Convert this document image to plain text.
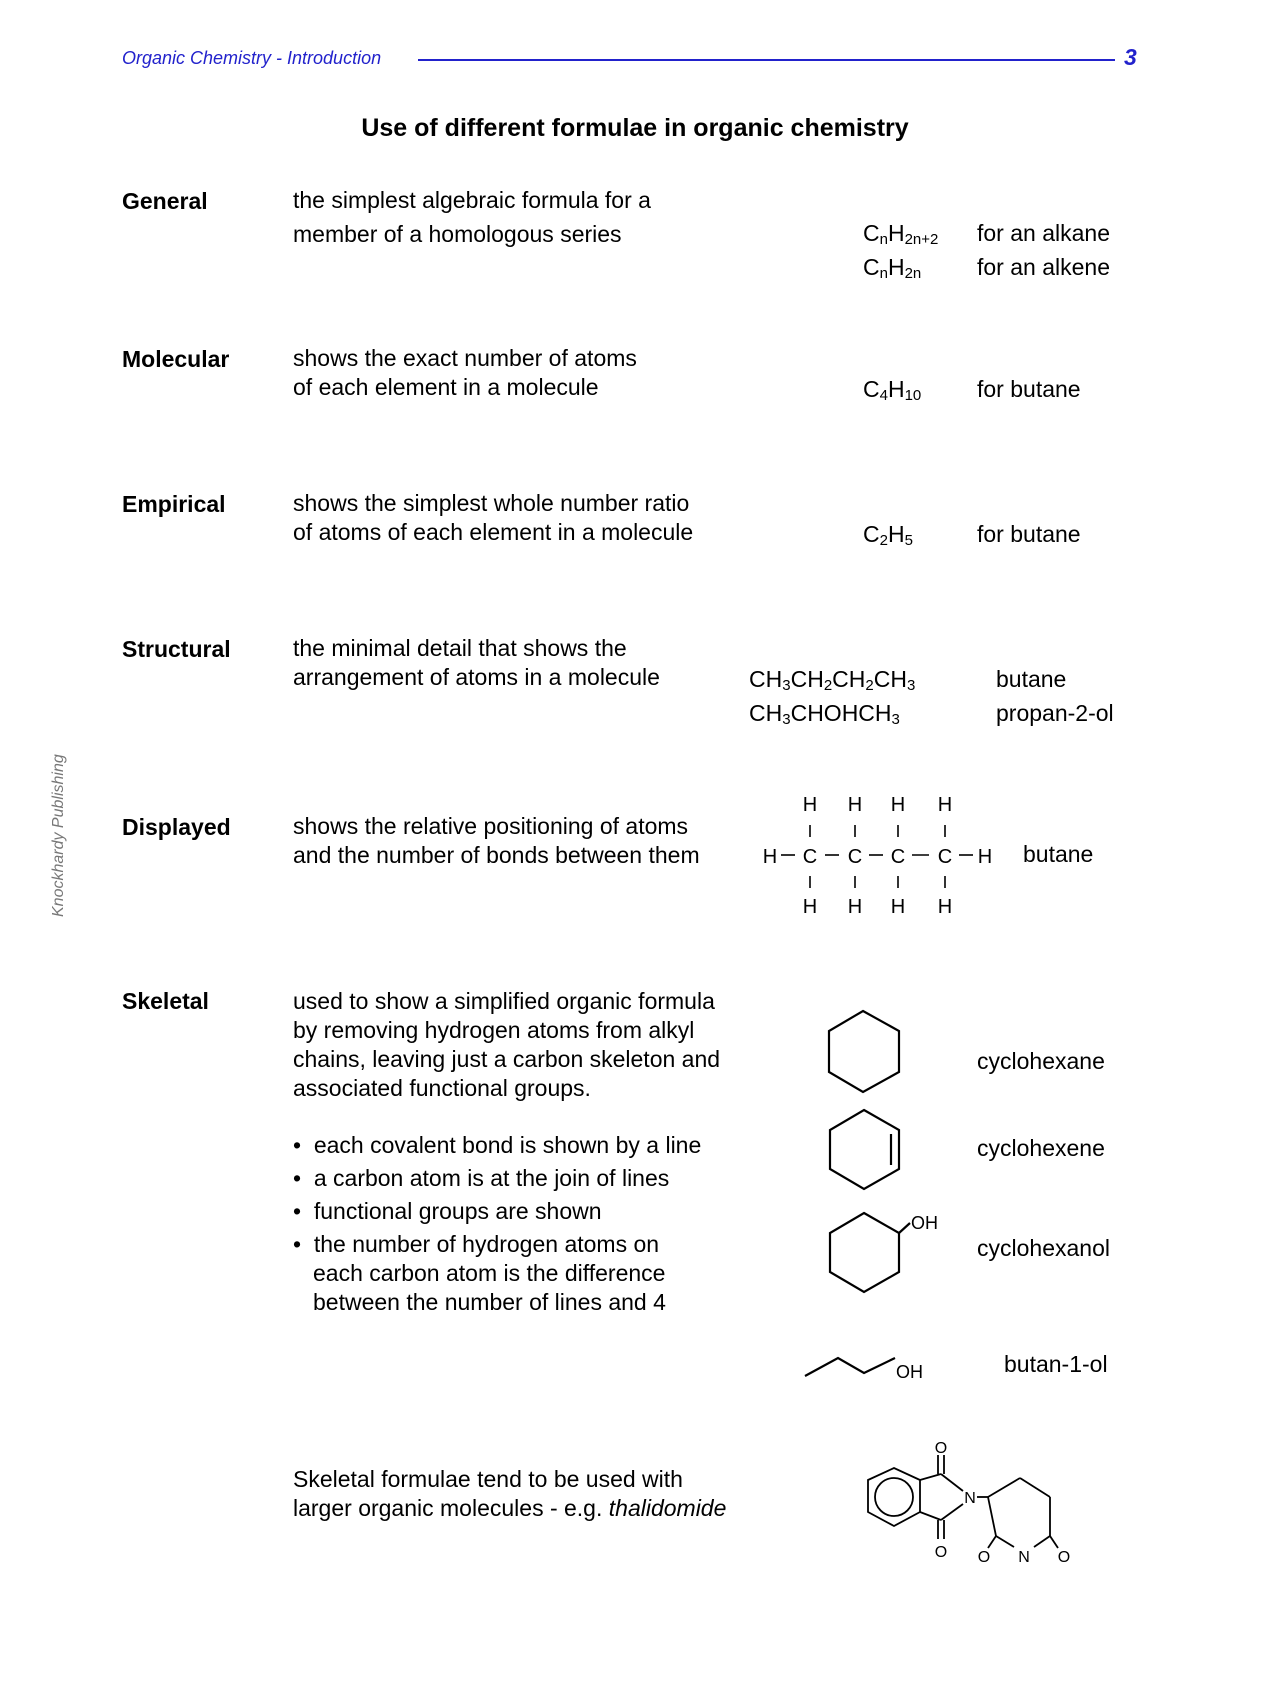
Organic Chemistry - Introduction	3
Knockhardy Publishing
Use of different formulae in organic chemistry
General	the simplest algebraic formula for a
member of a homologous series	$C_nH_{2n+2}$ for an alkane
$C_nH_{2n}$ for an alkene
Molecular	shows the exact number of atoms
of each element in a molecule	$C_4H_{10}$ for butane
Empirical	shows the simplest whole number ratio
of atoms of each element in a molecule	$C_2H_5$	for butane
Structural	the minimal detail that shows the
arrangement of atoms in a molecule	$CH_3CH_2CH_2CH_3$	butane
$CH_3CHOHCH_3$	propan-2-ol
Displayed	shows the relative positioning of atoms
and the number of bonds between them
H H H H
H C C C C H
H H H H
butane
Skeletal	used to show a simplified organic formula
by removing hydrogen atoms from alkyl
chains, leaving just a carbon skeleton and
associated functional groups.
•  each covalent bond is shown by a line
•  a carbon atom is at the join of lines
•  functional groups are shown
•  the number of hydrogen atoms on
each carbon atom is the difference
between the number of lines and 4
OH
cyclohexane
cyclohexene
cyclohexanol
OH	butan-1-ol
Skeletal formulae tend to be used with
larger organic molecules - e.g. thalidomide
O
O
N
O N O
